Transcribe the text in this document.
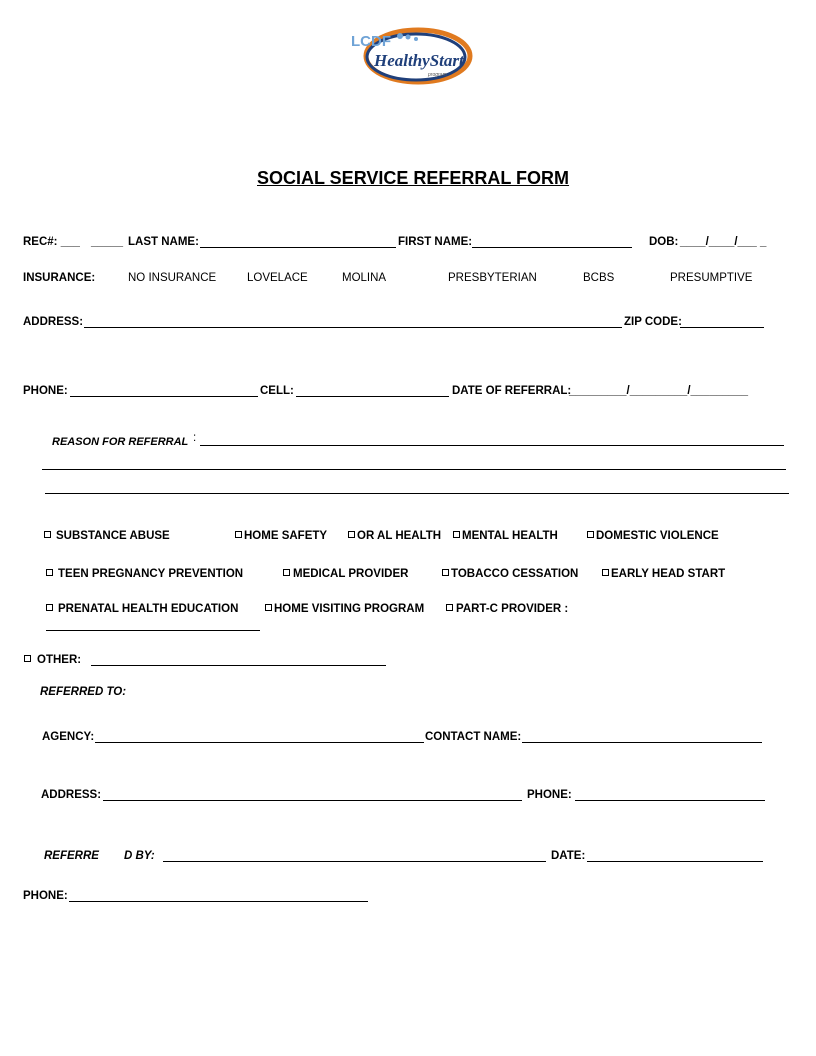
LCDF
HealthyStart
program
SOCIAL SERVICE REFERRAL FORM
REC#: ___ _____ LAST NAME:	FIRST NAME:	DOB: ____/____/___ _
INSURANCE:	NO INSURANCE	LOVELACE	MOLINA	PRESBYTERIAN	BCBS	PRESUMPTIVE
ADDRESS:	ZIP CODE:
PHONE:	CELL:	DATE OF REFERRAL:
_________/_________/_________
REASON FOR REFERRAL :
SUBSTANCE ABUSE	HOME SAFETY	OR AL HEALTH	MENTAL HEALTH	DOMESTIC VIOLENCE
TEEN PREGNANCY PREVENTION	MEDICAL PROVIDER	TOBACCO CESSATION	EARLY HEAD START
PRENATAL HEALTH EDUCATION	HOME VISITING PROGRAM	PART-C PROVIDER :
OTHER:
REFERRED TO:
AGENCY:	CONTACT NAME:
ADDRESS:	PHONE:
REFERRE D BY:	DATE:
PHONE:
